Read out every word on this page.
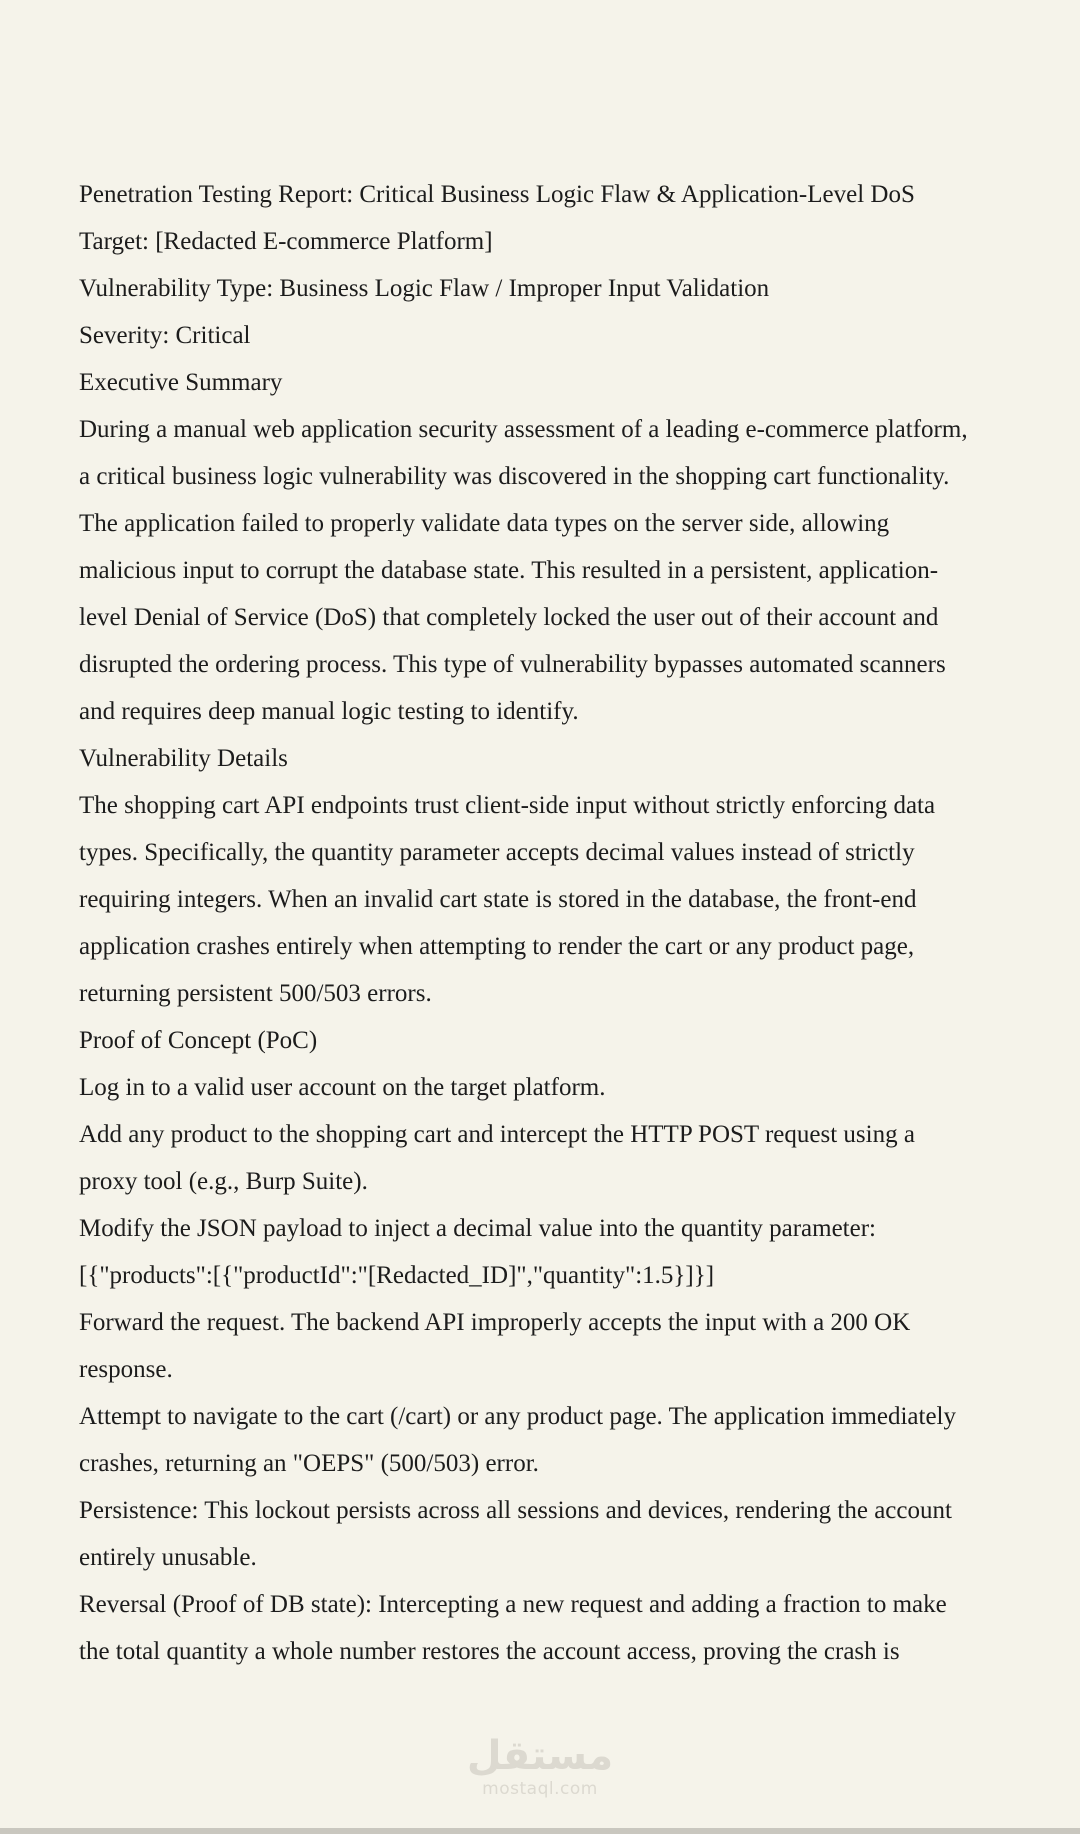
Penetration Testing Report: Critical Business Logic Flaw & Application-Level DoS

Target: [Redacted E-commerce Platform]

Vulnerability Type: Business Logic Flaw / Improper Input Validation

Severity: Critical

Executive Summary

During a manual web application security assessment of a leading e-commerce platform,

a critical business logic vulnerability was discovered in the shopping cart functionality.

The application failed to properly validate data types on the server side, allowing

malicious input to corrupt the database state. This resulted in a persistent, application-

level Denial of Service (DoS) that completely locked the user out of their account and

disrupted the ordering process. This type of vulnerability bypasses automated scanners

and requires deep manual logic testing to identify.

Vulnerability Details

The shopping cart API endpoints trust client-side input without strictly enforcing data

types. Specifically, the quantity parameter accepts decimal values instead of strictly

requiring integers. When an invalid cart state is stored in the database, the front-end

application crashes entirely when attempting to render the cart or any product page,

returning persistent 500/503 errors.

Proof of Concept (PoC)

Log in to a valid user account on the target platform.

Add any product to the shopping cart and intercept the HTTP POST request using a

proxy tool (e.g., Burp Suite).

Modify the JSON payload to inject a decimal value into the quantity parameter:

[{"products":[{"productId":"[Redacted_ID]","quantity":1.5}]}]

Forward the request. The backend API improperly accepts the input with a 200 OK

response.

Attempt to navigate to the cart (/cart) or any product page. The application immediately

crashes, returning an "OEPS" (500/503) error.

Persistence: This lockout persists across all sessions and devices, rendering the account

entirely unusable.

Reversal (Proof of DB state): Intercepting a new request and adding a fraction to make

the total quantity a whole number restores the account access, proving the crash is

مستقل
mostaql.com
